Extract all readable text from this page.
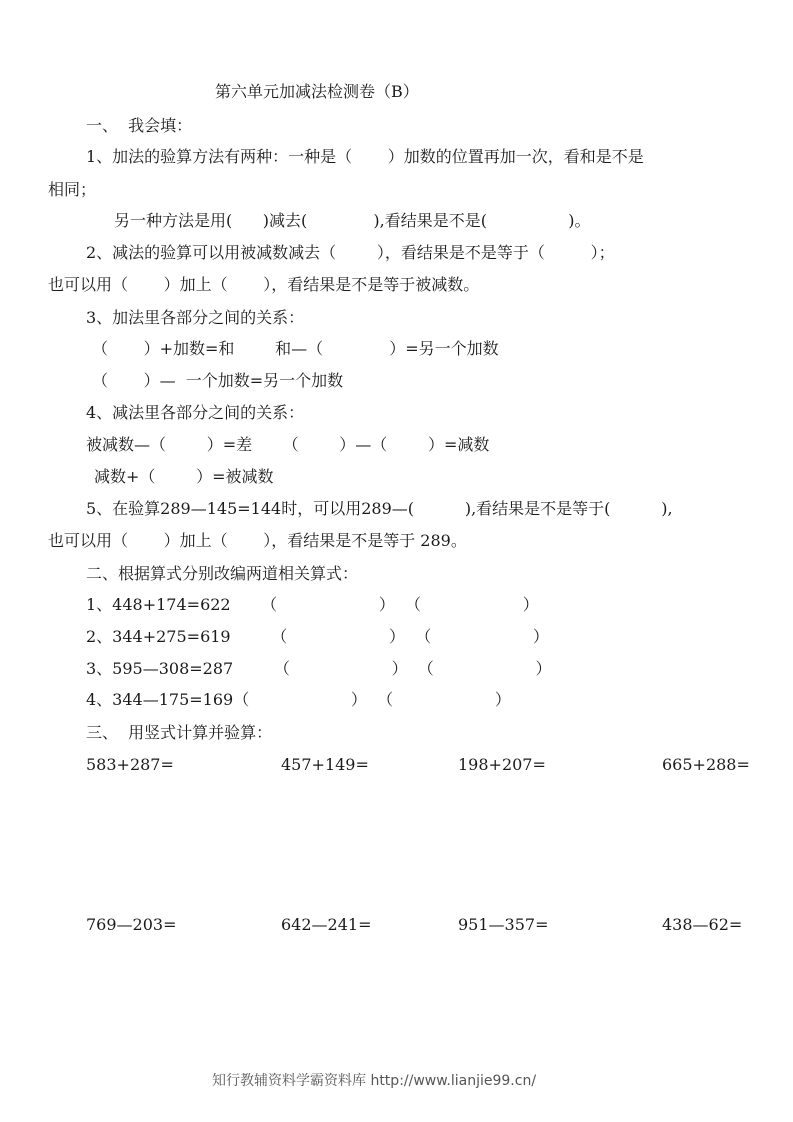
第六单元加减法检测卷（B）
一、  我会填：
1、加法的验算方法有两种：一种是（       ）加数的位置再加一次，看和是不是
相同；
另一种方法是用(      )减去(             ),看结果是不是(                )。
2、减法的验算可以用被减数减去（        ），看结果是不是等于（         ）；
也可以用（       ）加上（       ），看结果是不是等于被减数。
3、加法里各部分之间的关系：
（       ）+加数=和        和—（             ）=另一个加数
（       ）—  一个加数=另一个加数
4、减法里各部分之间的关系：
被减数—（        ）=差      （        ）—（        ）=减数
减数+（        ）=被减数
5、在验算289—145=144时，可以用289—(          ),看结果是不是等于(          ),
也可以用（       ）加上（       ），看结果是不是等于 289。
二、根据算式分别改编两道相关算式：
1、448+174=622      （                    ）  （                    ）
2、344+275=619        （                    ）  （                    ）
3、595—308=287        （                    ）  （                    ）
4、344—175=169（                    ）  （                    ）
三、  用竖式计算并验算：
583+287=	457+149=	198+207=	665+288=
769—203=	642—241=	951—357=	438—62=
知行教辅资料学霸资料库 http://www.lianjie99.cn/
